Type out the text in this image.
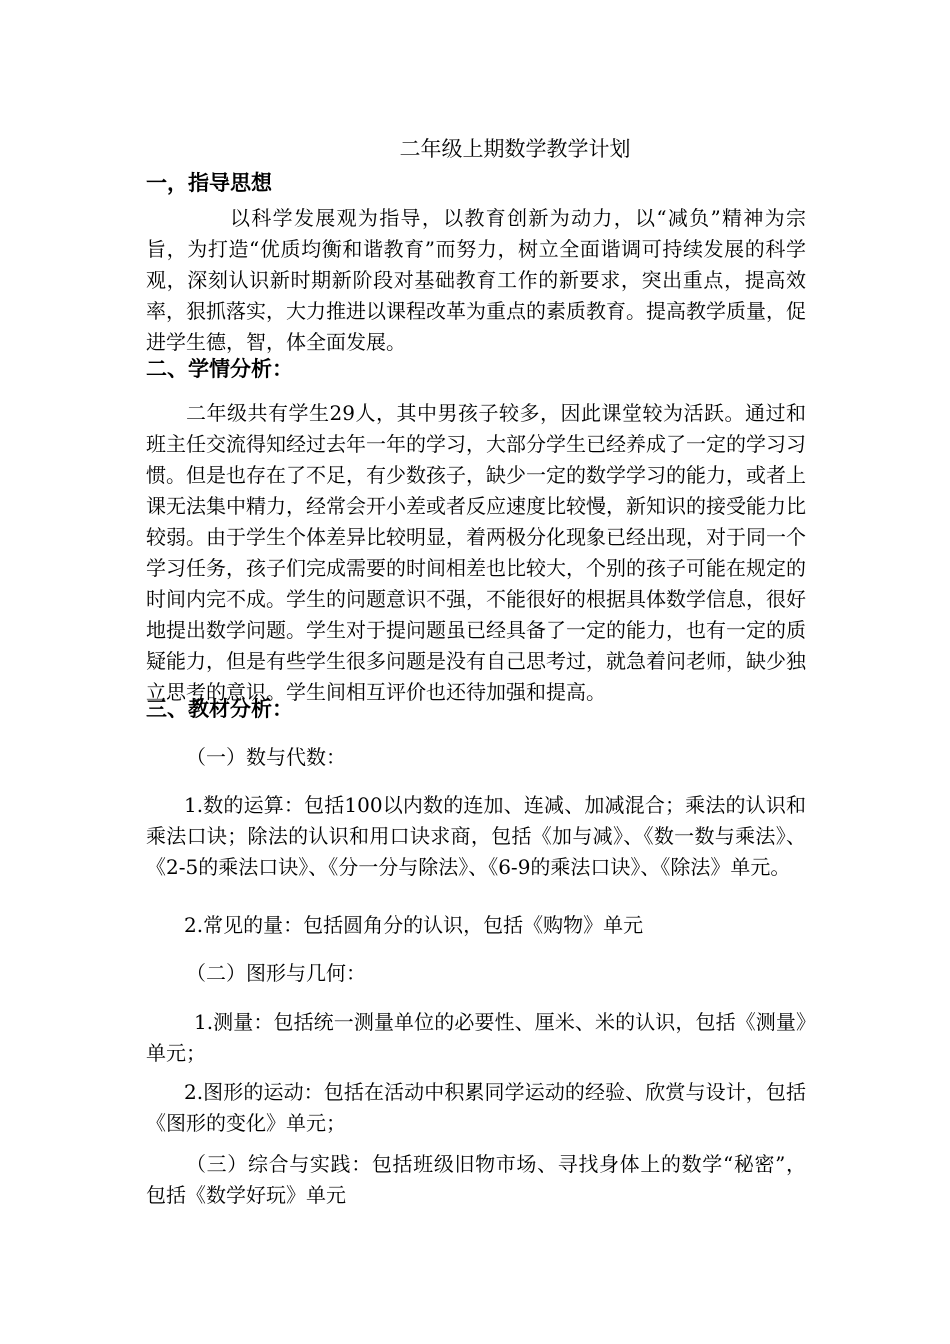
二年级上期数学教学计划
一，指导思想
以科学发展观为指导，以教育创新为动力，以“减负”精神为宗旨，为打造“优质均衡和谐教育”而努力，树立全面谐调可持续发展的科学观，深刻认识新时期新阶段对基础教育工作的新要求，突出重点，提高效率，狠抓落实，大力推进以课程改革为重点的素质教育。提高教学质量，促进学生德，智，体全面发展。
二、学情分析：
二年级共有学生29人，其中男孩子较多，因此课堂较为活跃。通过和班主任交流得知经过去年一年的学习，大部分学生已经养成了一定的学习习惯。但是也存在了不足，有少数孩子，缺少一定的数学学习的能力，或者上课无法集中精力，经常会开小差或者反应速度比较慢，新知识的接受能力比较弱。由于学生个体差异比较明显，着两极分化现象已经出现，对于同一个学习任务，孩子们完成需要的时间相差也比较大，个别的孩子可能在规定的时间内完不成。学生的问题意识不强，不能很好的根据具体数学信息，很好地提出数学问题。学生对于提问题虽已经具备了一定的能力，也有一定的质疑能力，但是有些学生很多问题是没有自己思考过，就急着问老师，缺少独立思考的意识。学生间相互评价也还待加强和提高。
三、教材分析：
（一）数与代数：
1.数的运算：包括100以内数的连加、连减、加减混合；乘法的认识和乘法口诀；除法的认识和用口诀求商，包括《加与减》、《数一数与乘法》、《2-5的乘法口诀》、《分一分与除法》、《6-9的乘法口诀》、《除法》单元。
2.常见的量：包括圆角分的认识，包括《购物》单元
（二）图形与几何：
1.测量：包括统一测量单位的必要性、厘米、米的认识，包括《测量》单元；
2.图形的运动：包括在活动中积累同学运动的经验、欣赏与设计，包括《图形的变化》单元；
（三）综合与实践：包括班级旧物市场、寻找身体上的数学“秘密”，包括《数学好玩》单元
